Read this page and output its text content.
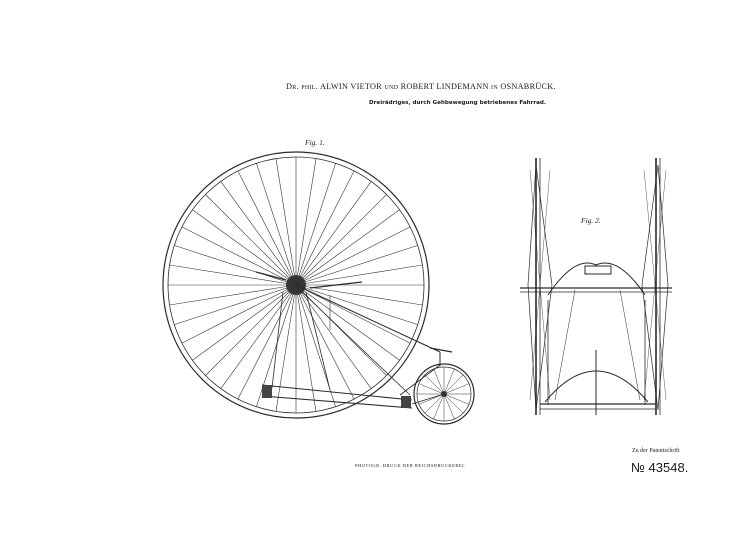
Dr. phil. ALWIN VIETOR und ROBERT LINDEMANN in OSNABRÜCK.
Dreirädriges, durch Gehbewegung betriebenes Fahrrad.
Fig. 1.
Fig. 2.
PHOTOGR. DRUCK DER REICHSDRUCKEREI.
Zu der Patentschrift
№ 43548.
